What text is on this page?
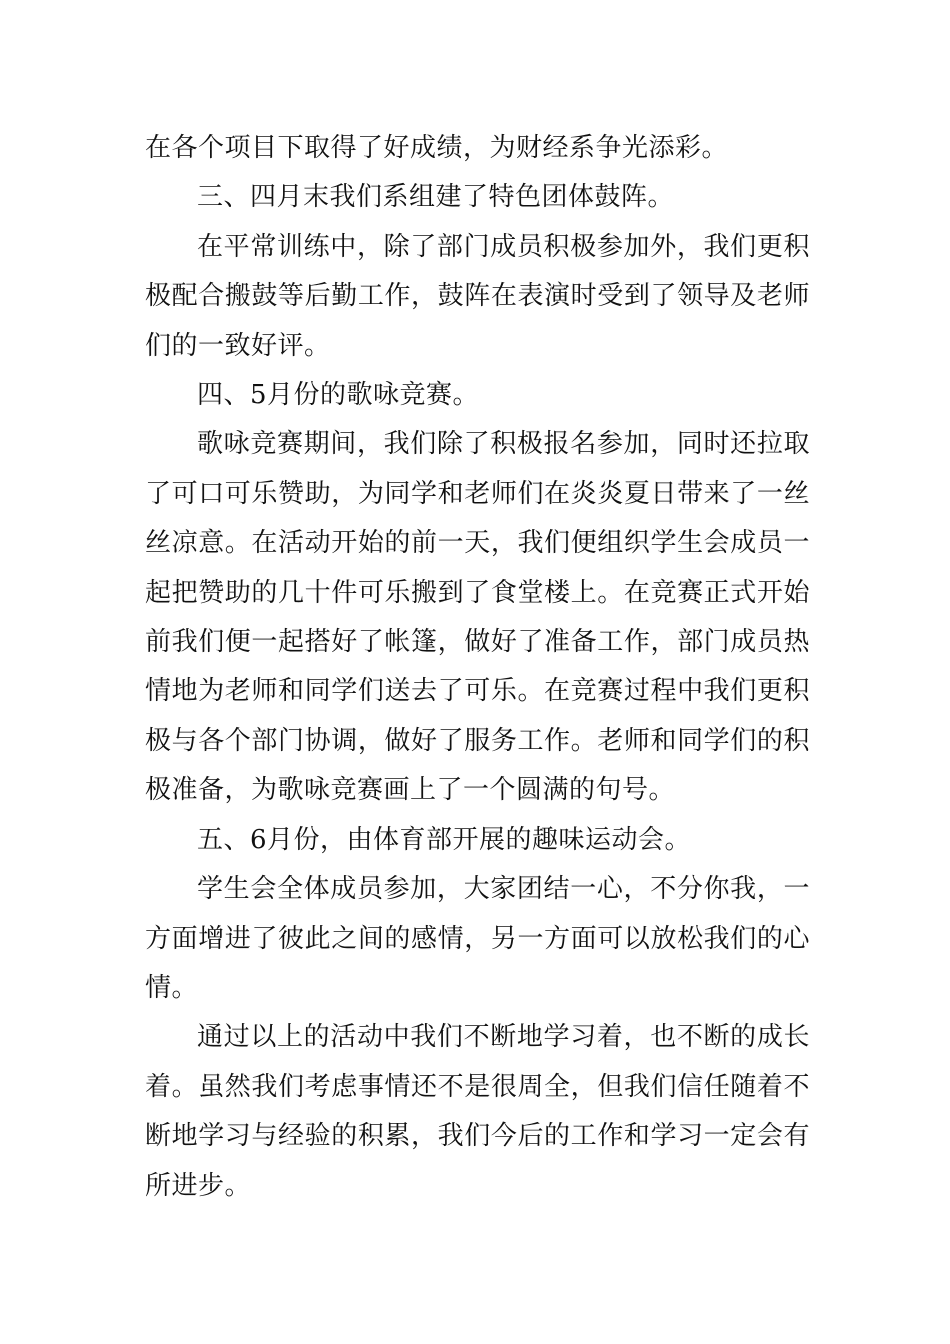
在各个项目下取得了好成绩，为财经系争光添彩。

三、四月末我们系组建了特色团体鼓阵。

在平常训练中，除了部门成员积极参加外，我们更积极配合搬鼓等后勤工作，鼓阵在表演时受到了领导及老师们的一致好评。

四、5月份的歌咏竞赛。

歌咏竞赛期间，我们除了积极报名参加，同时还拉取了可口可乐赞助，为同学和老师们在炎炎夏日带来了一丝丝凉意。在活动开始的前一天，我们便组织学生会成员一起把赞助的几十件可乐搬到了食堂楼上。在竞赛正式开始前我们便一起搭好了帐篷，做好了准备工作，部门成员热情地为老师和同学们送去了可乐。在竞赛过程中我们更积极与各个部门协调，做好了服务工作。老师和同学们的积极准备，为歌咏竞赛画上了一个圆满的句号。

五、6月份，由体育部开展的趣味运动会。

学生会全体成员参加，大家团结一心，不分你我，一方面增进了彼此之间的感情，另一方面可以放松我们的心情。

通过以上的活动中我们不断地学习着，也不断的成长着。虽然我们考虑事情还不是很周全，但我们信任随着不断地学习与经验的积累，我们今后的工作和学习一定会有所进步。
